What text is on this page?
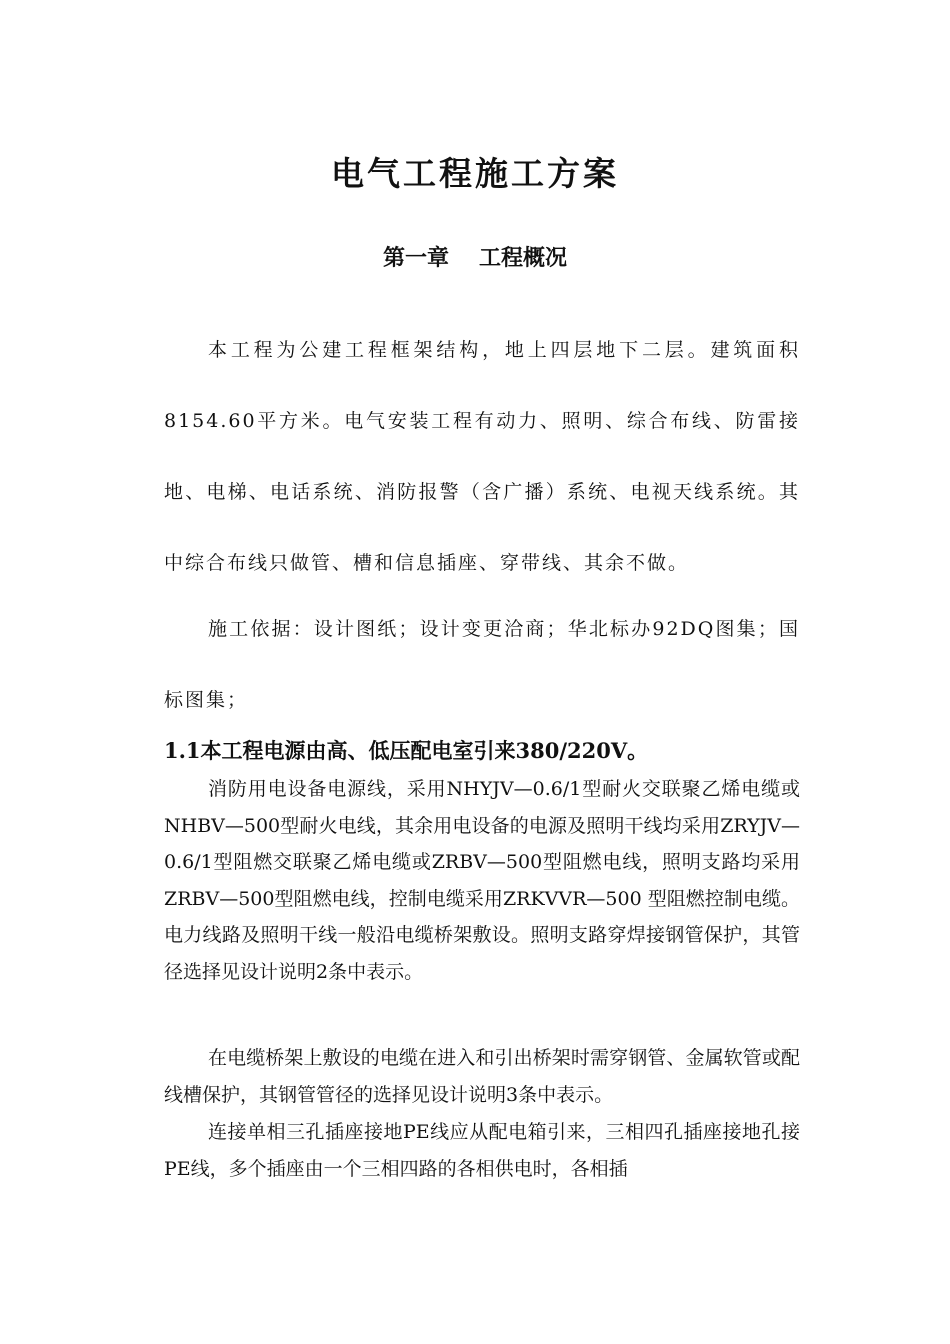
电气工程施工方案
第一章 工程概况

本工程为公建工程框架结构，地上四层地下二层。建筑面积8154.60平方米。电气安装工程有动力、照明、综合布线、防雷接地、电梯、电话系统、消防报警（含广播）系统、电视天线系统。其中综合布线只做管、槽和信息插座、穿带线、其余不做。

施工依据：设计图纸；设计变更洽商；华北标办92DQ图集；国标图集；

1.1本工程电源由高、低压配电室引来380/220V。

消防用电设备电源线，采用NHYJV—0.6/1型耐火交联聚乙烯电缆或NHBV—500型耐火电线，其余用电设备的电源及照明干线均采用ZRYJV—0.6/1型阻燃交联聚乙烯电缆或ZRBV—500型阻燃电线，照明支路均采用ZRBV—500型阻燃电线，控制电缆采用ZRKVVR—500 型阻燃控制电缆。电力线路及照明干线一般沿电缆桥架敷设。照明支路穿焊接钢管保护，其管径选择见设计说明2条中表示。

在电缆桥架上敷设的电缆在进入和引出桥架时需穿钢管、金属软管或配线槽保护，其钢管管径的选择见设计说明3条中表示。

连接单相三孔插座接地PE线应从配电箱引来，三相四孔插座接地孔接PE线，多个插座由一个三相四路的各相供电时，各相插
